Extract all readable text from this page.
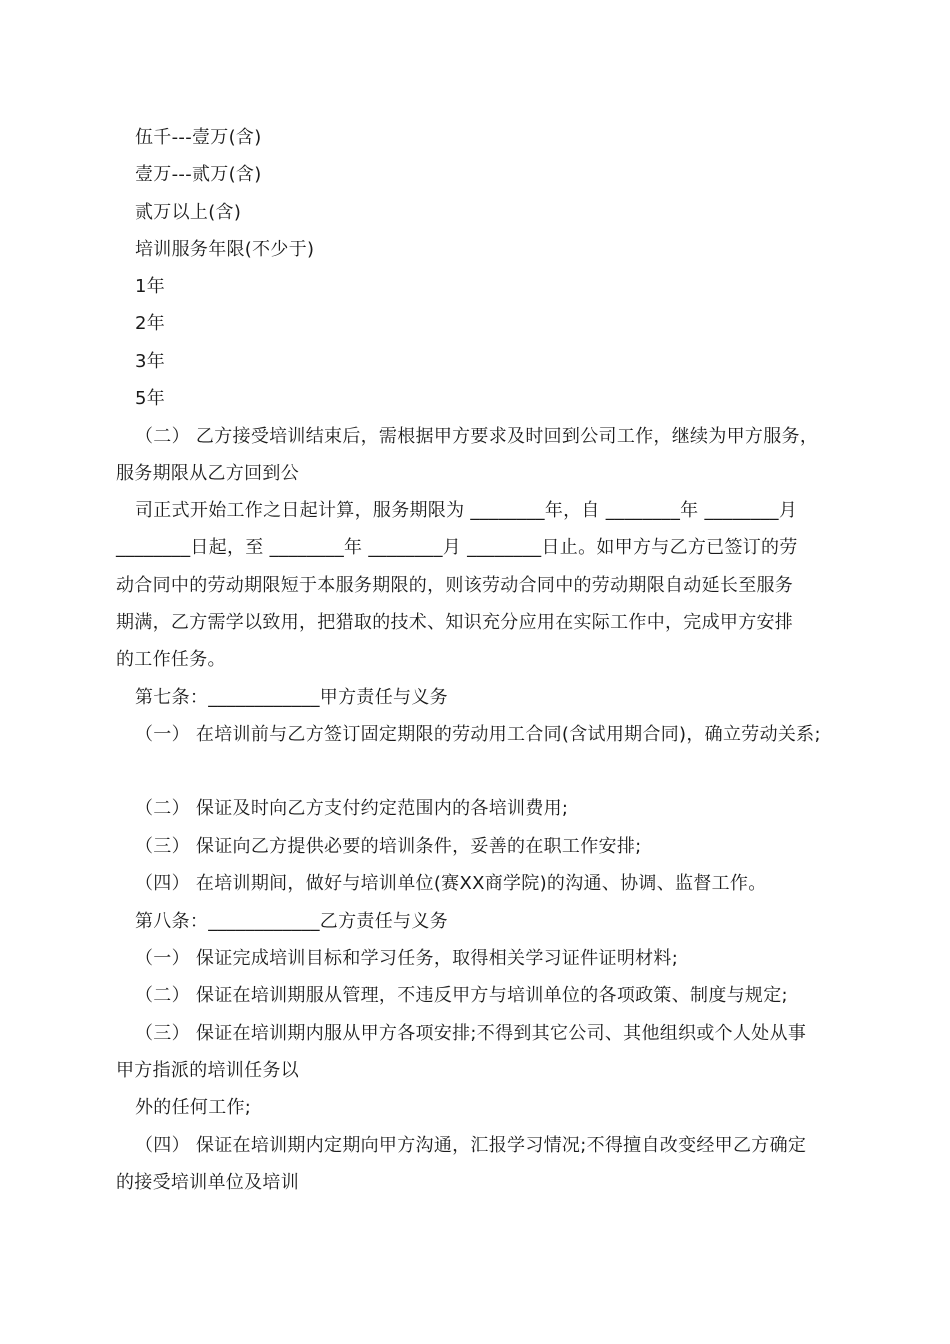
伍千---壹万(含)
壹万---贰万(含)
贰万以上(含)
培训服务年限(不少于)
1年
2年
3年
5年
（二） 乙方接受培训结束后，需根据甲方要求及时回到公司工作，继续为甲方服务，
服务期限从乙方回到公
司正式开始工作之日起计算，服务期限为 ________年，自 ________年 ________月
________日起，至 ________年 ________月 ________日止。如甲方与乙方已签订的劳
动合同中的劳动期限短于本服务期限的，则该劳动合同中的劳动期限自动延长至服务
期满，乙方需学以致用，把猎取的技术、知识充分应用在实际工作中，完成甲方安排
的工作任务。
第七条：____________甲方责任与义务
（一） 在培训前与乙方签订固定期限的劳动用工合同(含试用期合同)，确立劳动关系;
（二） 保证及时向乙方支付约定范围内的各培训费用;
（三） 保证向乙方提供必要的培训条件，妥善的在职工作安排;
（四） 在培训期间，做好与培训单位(赛XX商学院)的沟通、协调、监督工作。
第八条：____________乙方责任与义务
（一） 保证完成培训目标和学习任务，取得相关学习证件证明材料;
（二） 保证在培训期服从管理，不违反甲方与培训单位的各项政策、制度与规定;
（三） 保证在培训期内服从甲方各项安排;不得到其它公司、其他组织或个人处从事
甲方指派的培训任务以
外的任何工作;
（四） 保证在培训期内定期向甲方沟通，汇报学习情况;不得擅自改变经甲乙方确定
的接受培训单位及培训
